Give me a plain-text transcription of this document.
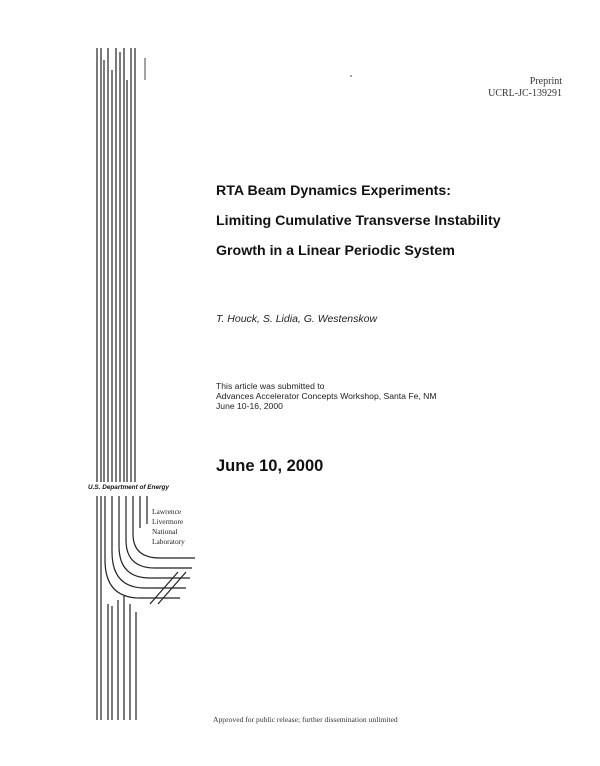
Preprint
UCRL-JC-139291
RTA Beam Dynamics Experiments:
Limiting Cumulative Transverse Instability
Growth in a Linear Periodic System
T. Houck, S. Lidia, G. Westenskow
This article was submitted to
Advances Accelerator Concepts Workshop, Santa Fe, NM
June 10-16, 2000
June 10, 2000
U.S. Department of Energy
Lawrence
Livermore
National
Laboratory
Approved for public release; further dissemination unlimited
